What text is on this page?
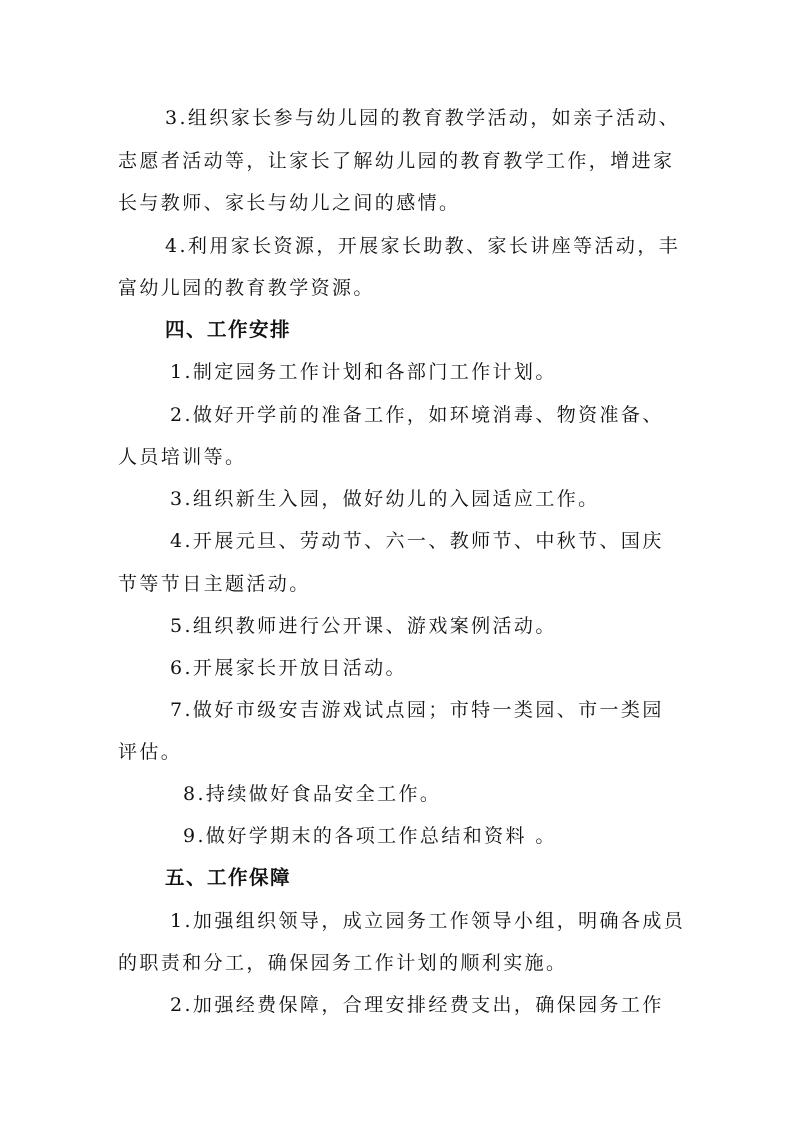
3.组织家长参与幼儿园的教育教学活动，如亲子活动、
志愿者活动等，让家长了解幼儿园的教育教学工作，增进家
长与教师、家长与幼儿之间的感情。
4.利用家长资源，开展家长助教、家长讲座等活动，丰
富幼儿园的教育教学资源。
四、工作安排
1.制定园务工作计划和各部门工作计划。
2.做好开学前的准备工作，如环境消毒、物资准备、
人员培训等。
3.组织新生入园，做好幼儿的入园适应工作。
4.开展元旦、劳动节、六一、教师节、中秋节、国庆
节等节日主题活动。
5.组织教师进行公开课、游戏案例活动。
6.开展家长开放日活动。
7.做好市级安吉游戏试点园；市特一类园、市一类园
评估。
8.持续做好食品安全工作。
9.做好学期末的各项工作总结和资料 。
五、工作保障
1.加强组织领导，成立园务工作领导小组，明确各成员
的职责和分工，确保园务工作计划的顺利实施。
2.加强经费保障，合理安排经费支出，确保园务工作
